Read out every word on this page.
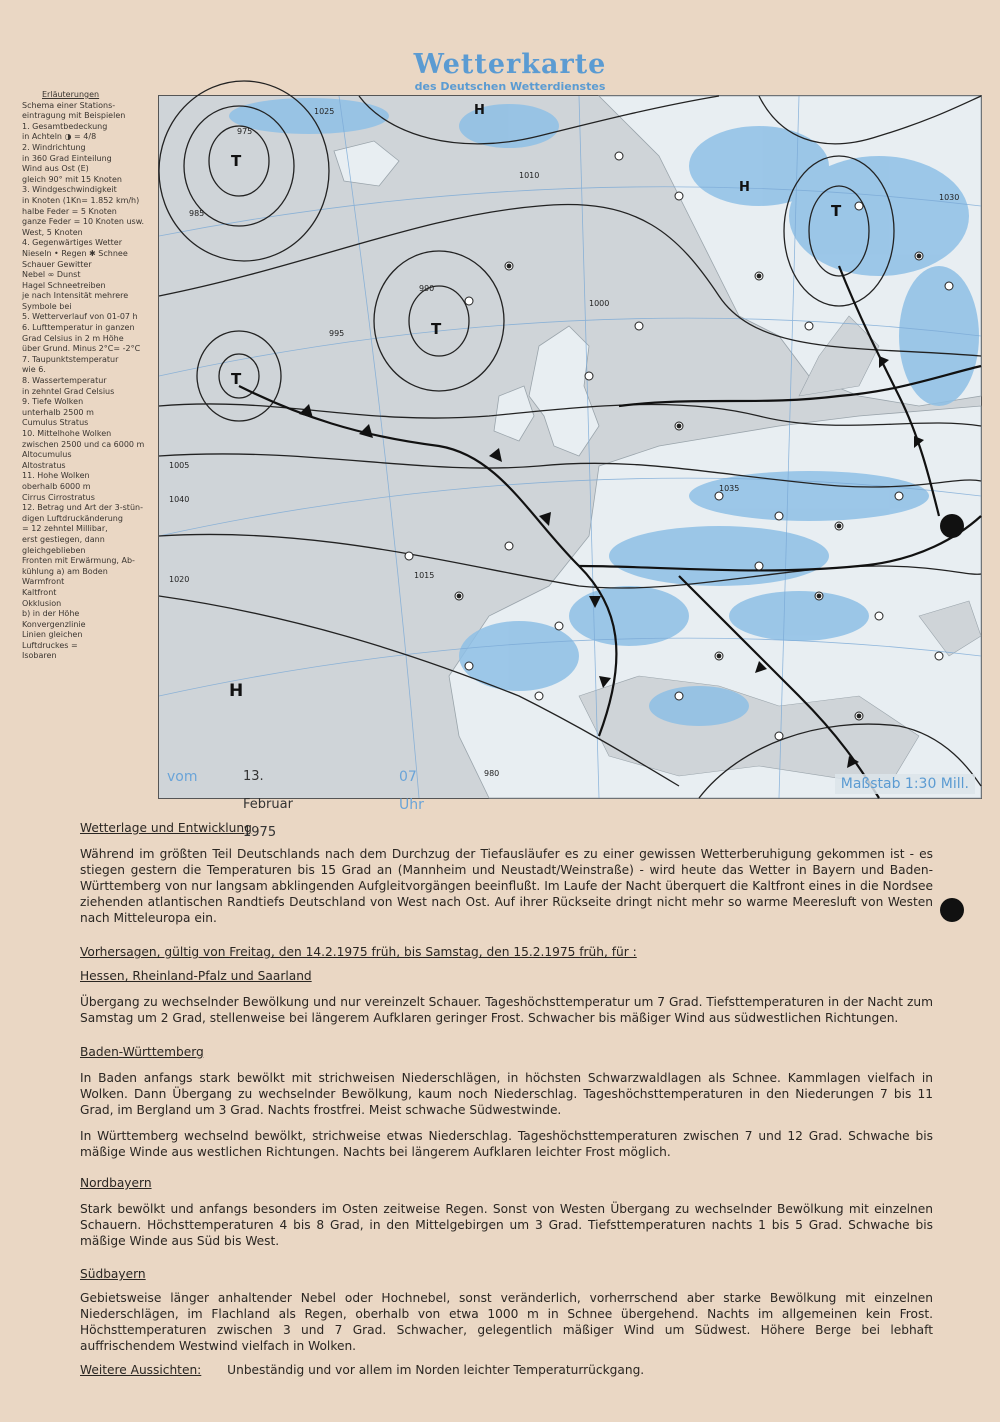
Wetterkarte
des Deutschen Wetterdienstes
Erläuterungen
Schema einer Stations-
eintragung mit Beispielen
1. Gesamtbedeckung
in Achteln ◑ = 4/8
2. Windrichtung
in 360 Grad Einteilung
Wind aus Ost (E)
gleich 90° mit 15 Knoten
3. Windgeschwindigkeit
in Knoten (1Kn= 1.852 km/h)
halbe Feder = 5 Knoten
ganze Feder = 10 Knoten usw.
West, 5 Knoten
4. Gegenwärtiges Wetter
Nieseln • Regen ✱ Schnee
Schauer Gewitter
Nebel ∞ Dunst
Hagel Schneetreiben
je nach Intensität mehrere
Symbole bei
5. Wetterverlauf von 01-07 h
6. Lufttemperatur in ganzen
Grad Celsius in 2 m Höhe
über Grund. Minus 2°C= -2°C
7. Taupunktstemperatur
wie 6.
8. Wassertemperatur
in zehntel Grad Celsius
9. Tiefe Wolken
unterhalb 2500 m
Cumulus Stratus
10. Mittelhohe Wolken
zwischen 2500 und ca 6000 m
Altocumulus
Altostratus
11. Hohe Wolken
oberhalb 6000 m
Cirrus Cirrostratus
12. Betrag und Art der 3-stün-
digen Luftdruckänderung
= 12 zehntel Millibar,
erst gestiegen, dann
gleichgeblieben
Fronten mit Erwärmung, Ab-
kühlung a) am Boden
Warmfront
Kaltfront
Okklusion
b) in der Höhe
Konvergenzlinie
Linien gleichen
Luftdruckes =
Isobaren
975
985
990
995
1000
1005
1010
1015
1020
1025
1030
1035
1040
980
T
T
T
T
H
H
H
vom	13. Februar 1975
07 Uhr
Maßstab 1:30 Mill.
Wetterlage und Entwicklung
Während im größten Teil Deutschlands nach dem Durchzug der Tiefausläufer es zu einer gewissen Wetterberuhigung gekommen ist - es stiegen gestern die Temperaturen bis 15 Grad an (Mannheim und Neustadt/Weinstraße) - wird heute das Wetter in Bayern und Baden-Württemberg von nur langsam abklingenden Aufgleitvorgängen beeinflußt. Im Laufe der Nacht überquert die Kaltfront eines in die Nordsee ziehenden atlantischen Randtiefs Deutschland von West nach Ost. Auf ihrer Rückseite dringt nicht mehr so warme Meeresluft von Westen nach Mitteleuropa ein.
Vorhersagen, gültig von Freitag, den 14.2.1975 früh, bis Samstag, den 15.2.1975 früh, für :
Hessen, Rheinland-Pfalz und Saarland
Übergang zu wechselnder Bewölkung und nur vereinzelt Schauer. Tageshöchsttemperatur um 7 Grad. Tiefsttemperaturen in der Nacht zum Samstag um 2 Grad, stellenweise bei längerem Aufklaren geringer Frost. Schwacher bis mäßiger Wind aus südwestlichen Richtungen.
Baden-Württemberg
In Baden anfangs stark bewölkt mit strichweisen Niederschlägen, in höchsten Schwarzwaldlagen als Schnee. Kammlagen vielfach in Wolken. Dann Übergang zu wechselnder Bewölkung, kaum noch Niederschlag. Tageshöchsttemperaturen in den Niederungen 7 bis 11 Grad, im Bergland um 3 Grad. Nachts frostfrei. Meist schwache Südwestwinde.
In Württemberg wechselnd bewölkt, strichweise etwas Niederschlag. Tageshöchsttemperaturen zwischen 7 und 12 Grad. Schwache bis mäßige Winde aus westlichen Richtungen. Nachts bei längerem Aufklaren leichter Frost möglich.
Nordbayern
Stark bewölkt und anfangs besonders im Osten zeitweise Regen. Sonst von Westen Übergang zu wechselnder Bewölkung mit einzelnen Schauern. Höchsttemperaturen 4 bis 8 Grad, in den Mittelgebirgen um 3 Grad. Tiefsttemperaturen nachts 1 bis 5 Grad. Schwache bis mäßige Winde aus Süd bis West.
Südbayern
Gebietsweise länger anhaltender Nebel oder Hochnebel, sonst veränderlich, vorherrschend aber starke Bewölkung mit einzelnen Niederschlägen, im Flachland als Regen, oberhalb von etwa 1000 m in Schnee übergehend. Nachts im allgemeinen kein Frost. Höchsttemperaturen zwischen 3 und 7 Grad. Schwacher, gelegentlich mäßiger Wind um Südwest. Höhere Berge bei lebhaft auffrischendem Westwind vielfach in Wolken.
Weitere Aussichten: Unbeständig und vor allem im Norden leichter Temperaturrückgang.
